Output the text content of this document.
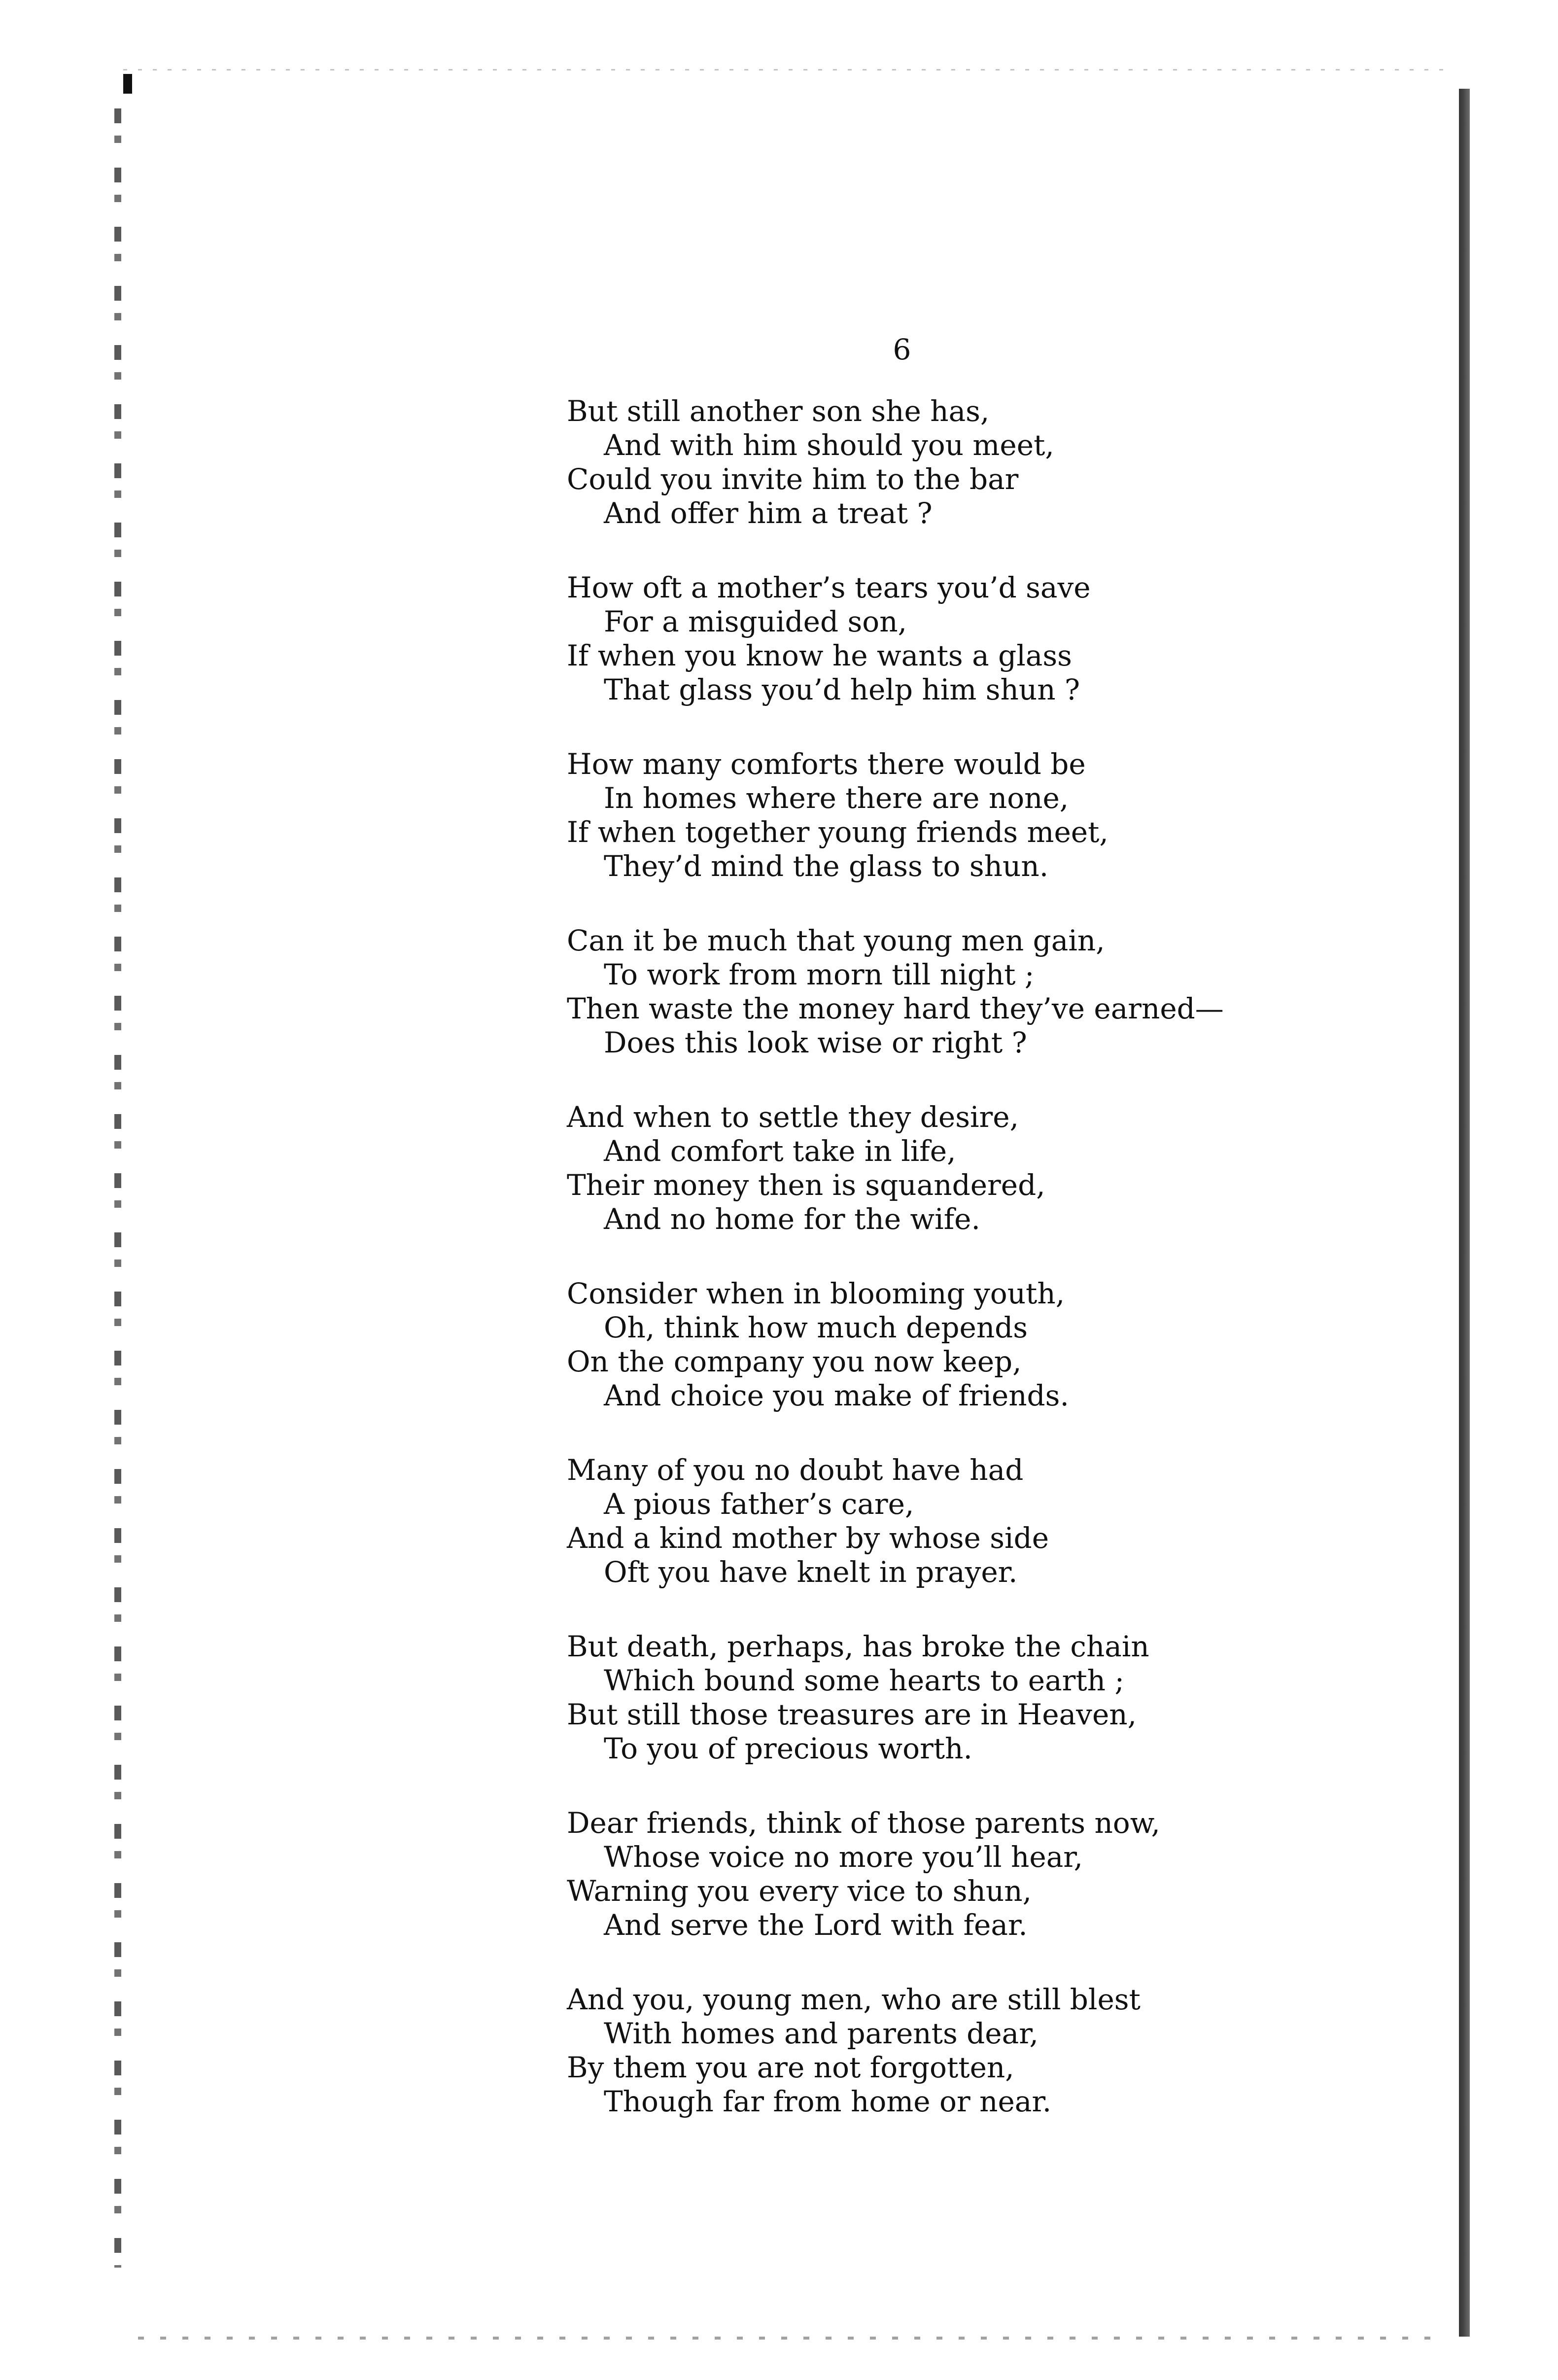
6
But still another son she has,
And with him should you meet,
Could you invite him to the bar
And offer him a treat ?
How oft a mother’s tears you’d save
For a misguided son,
If when you know he wants a glass
That glass you’d help him shun ?
How many comforts there would be
In homes where there are none,
If when together young friends meet,
They’d mind the glass to shun.
Can it be much that young men gain,
To work from morn till night ;
Then waste the money hard they’ve earned—
Does this look wise or right ?
And when to settle they desire,
And comfort take in life,
Their money then is squandered,
And no home for the wife.
Consider when in blooming youth,
Oh, think how much depends
On the company you now keep,
And choice you make of friends.
Many of you no doubt have had
A pious father’s care,
And a kind mother by whose side
Oft you have knelt in prayer.
But death, perhaps, has broke the chain
Which bound some hearts to earth ;
But still those treasures are in Heaven,
To you of precious worth.
Dear friends, think of those parents now,
Whose voice no more you’ll hear,
Warning you every vice to shun,
And serve the Lord with fear.
And you, young men, who are still blest
With homes and parents dear,
By them you are not forgotten,
Though far from home or near.
